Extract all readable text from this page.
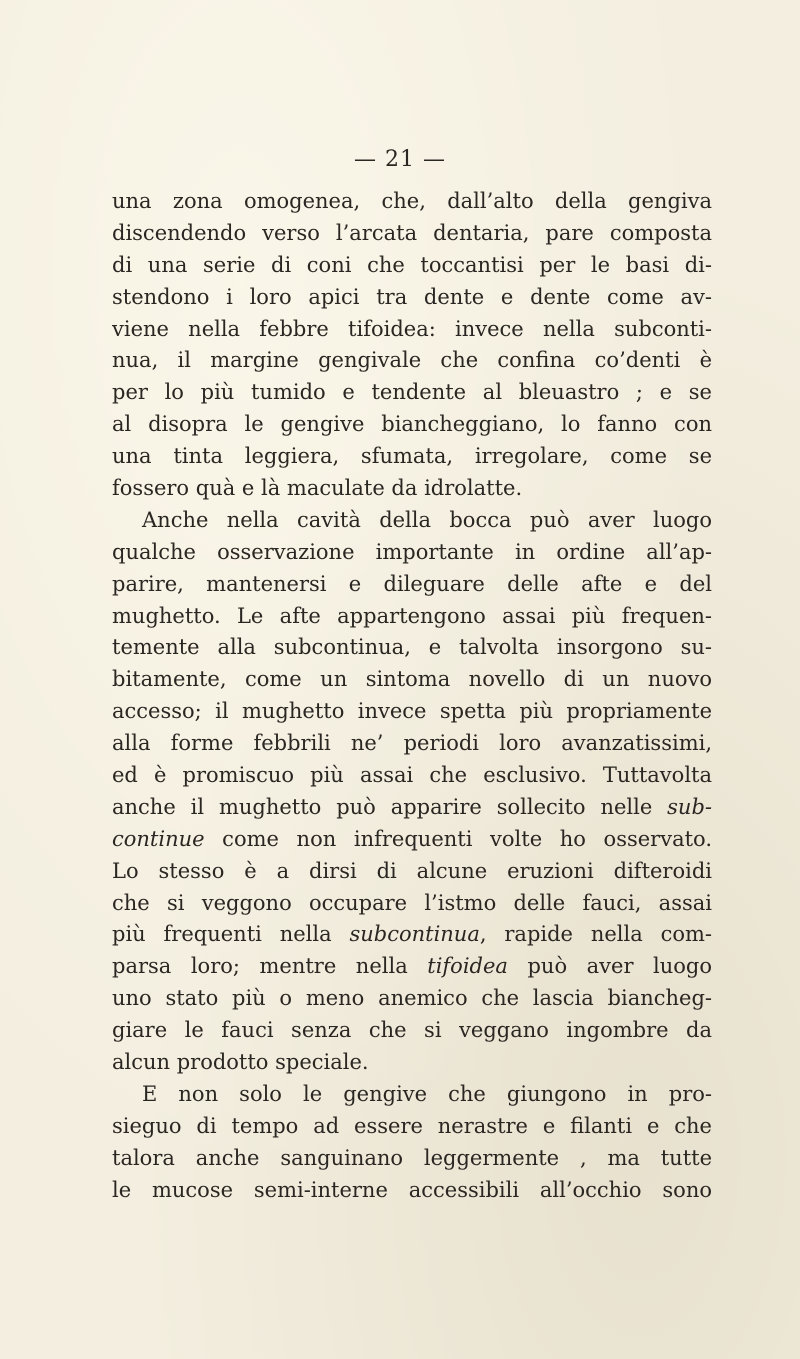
— 21 —
una zona omogenea, che, dall’alto della gengiva
discendendo verso l’arcata dentaria, pare composta
di una serie di coni che toccantisi per le basi di-
stendono i loro apici tra dente e dente come av-
viene nella febbre tifoidea: invece nella subconti-
nua, il margine gengivale che confina co’denti è
per lo più tumido e tendente al bleuastro ; e se
al disopra le gengive biancheggiano, lo fanno con
una tinta leggiera, sfumata, irregolare, come se
fossero quà e là maculate da idrolatte.
Anche nella cavità della bocca può aver luogo
qualche osservazione importante in ordine all’ap-
parire, mantenersi e dileguare delle afte e del
mughetto. Le afte appartengono assai più frequen-
temente alla subcontinua, e talvolta insorgono su-
bitamente, come un sintoma novello di un nuovo
accesso; il mughetto invece spetta più propriamente
alla forme febbrili ne’ periodi loro avanzatissimi,
ed è promiscuo più assai che esclusivo. Tuttavolta
anche il mughetto può apparire sollecito nelle sub-
continue come non infrequenti volte ho osservato.
Lo stesso è a dirsi di alcune eruzioni difteroidi
che si veggono occupare l’istmo delle fauci, assai
più frequenti nella subcontinua, rapide nella com-
parsa loro; mentre nella tifoidea può aver luogo
uno stato più o meno anemico che lascia biancheg-
giare le fauci senza che si veggano ingombre da
alcun prodotto speciale.
E non solo le gengive che giungono in pro-
sieguo di tempo ad essere nerastre e filanti e che
talora anche sanguinano leggermente , ma tutte
le mucose semi-interne accessibili all’occhio sono
